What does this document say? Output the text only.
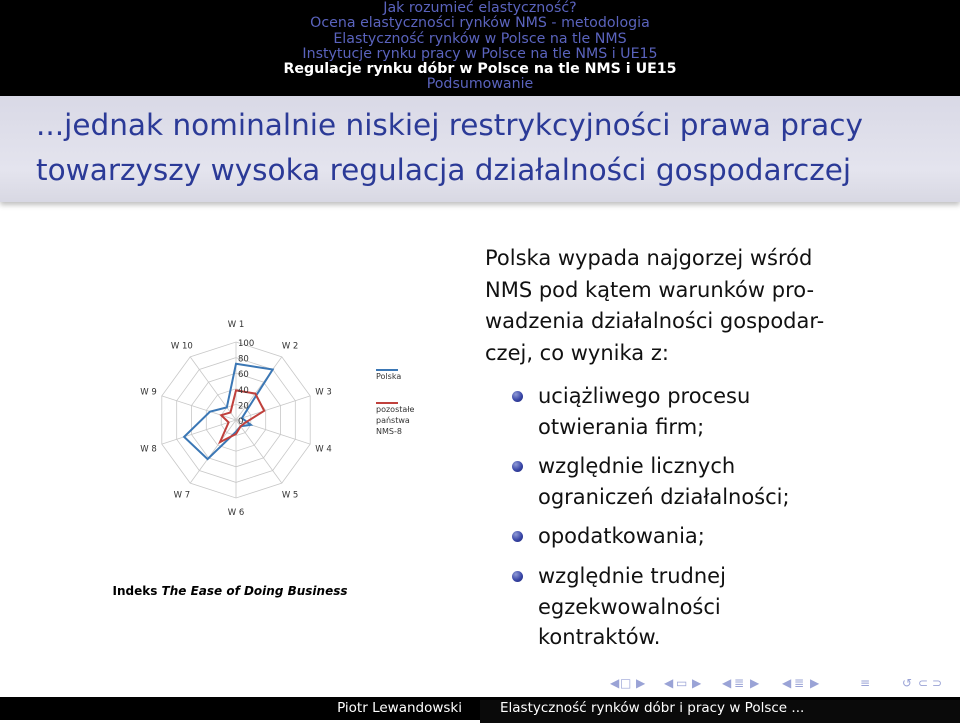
Jak rozumieć elastyczność?
Ocena elastyczności rynków NMS - metodologia
Elastyczność rynków w Polsce na tle NMS
Instytucje rynku pracy w Polsce na tle NMS i UE15
Regulacje rynku dóbr w Polsce na tle NMS i UE15
Podsumowanie
...jednak nominalnie niskiej restrykcyjności prawa pracy
towarzyszy wysoka regulacja działalności gospodarczej
0
20
40
60
80
100
W 1
W 2
W 3
W 4
W 5
W 6
W 7
W 8
W 9
W 10
Polska
pozostałe
państwa
NMS-8
Indeks The Ease of Doing Business
Polska wypada najgorzej wśród
NMS pod kątem warunków pro-
wadzenia działalności gospodar-
czej, co wynika z:
uciążliwego procesu
otwierania firm;
względnie licznych
ograniczeń działalności;
opodatkowania;
względnie trudnej
egzekwowalności
kontraktów.
◀ □ ▶ ◀ ▭ ▶ ◀ ≣ ▶ ◀ ≣ ▶	≡	↺ ⊂ ⊃
Piotr Lewandowski	Elastyczność rynków dóbr i pracy w Polsce ...
